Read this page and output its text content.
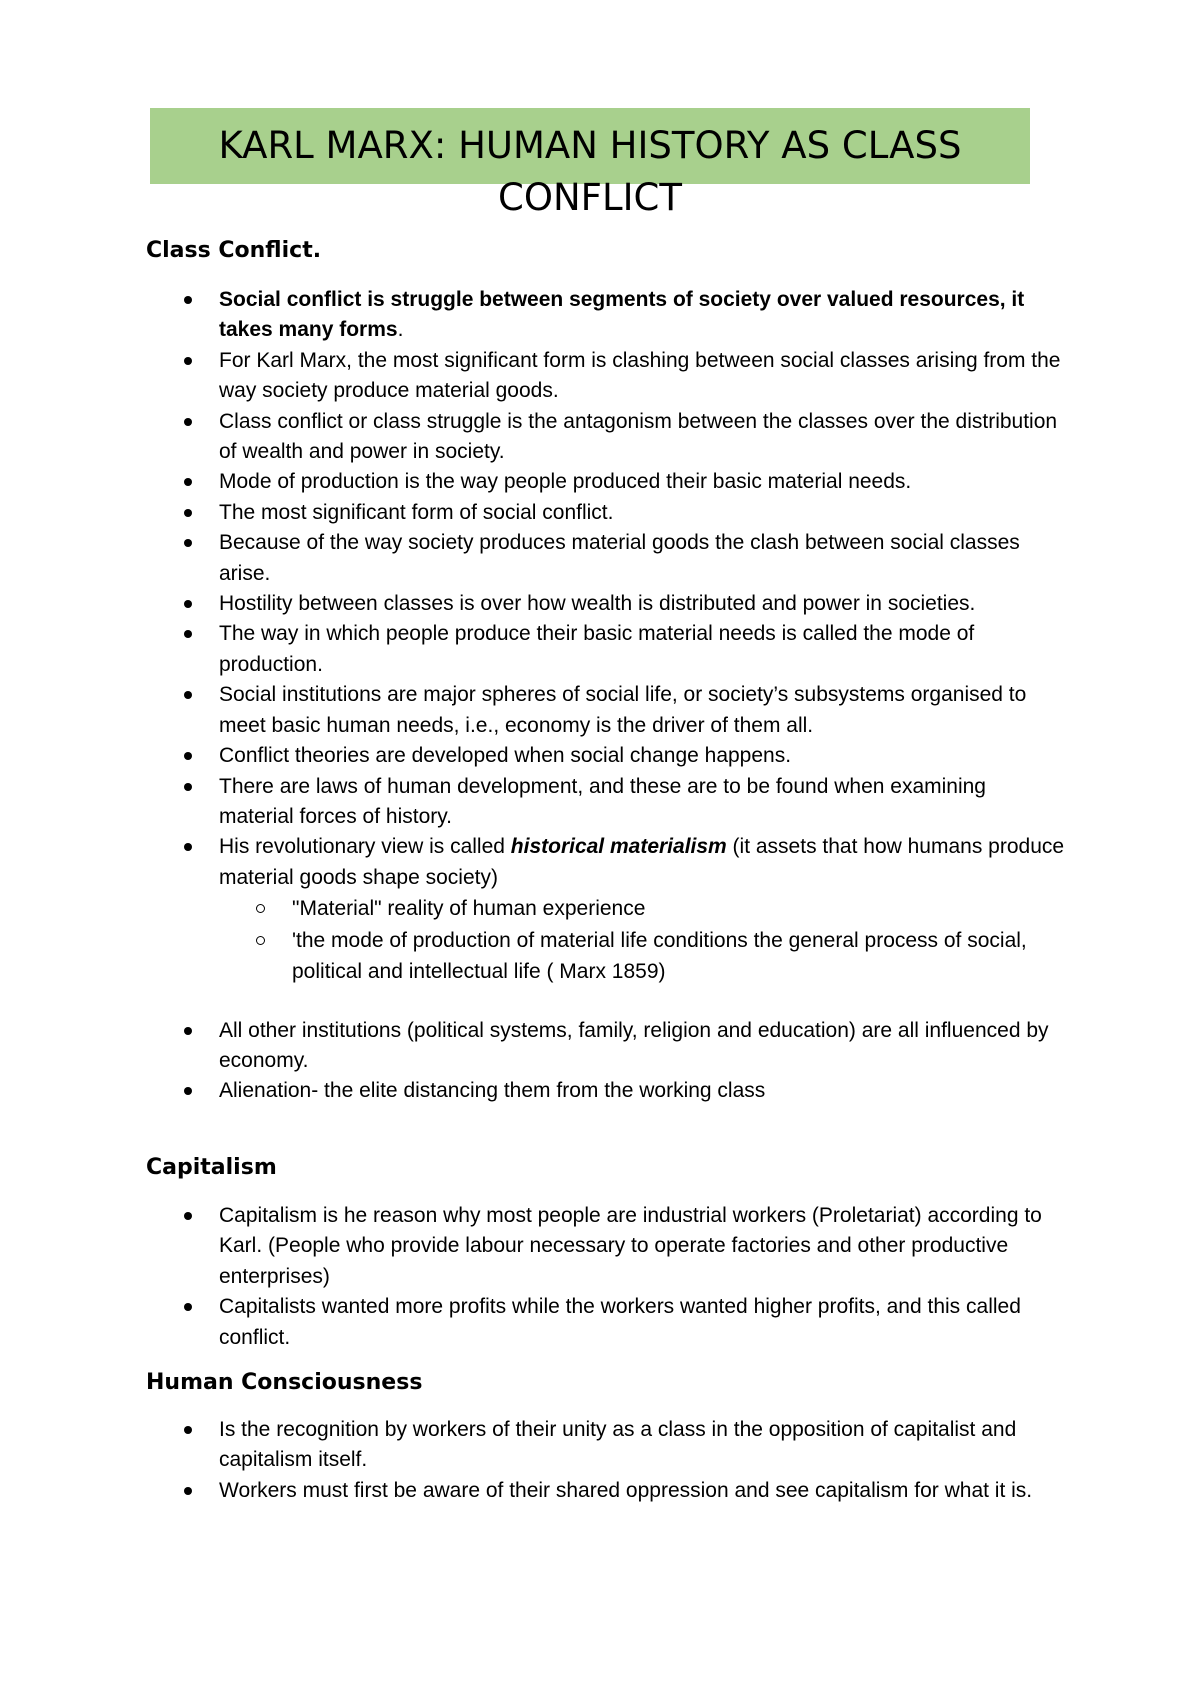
KARL MARX: HUMAN HISTORY AS CLASS CONFLICT
Class Conflict.
Social conflict is struggle between segments of society over valued resources, it takes many forms.
For Karl Marx, the most significant form is clashing between social classes arising from the way society produce material goods.
Class conflict or class struggle is the antagonism between the classes over the distribution of wealth and power in society.
Mode of production is the way people produced their basic material needs.
The most significant form of social conflict.
Because of the way society produces material goods the clash between social classes arise.
Hostility between classes is over how wealth is distributed and power in societies.
The way in which people produce their basic material needs is called the mode of production.
Social institutions are major spheres of social life, or society’s subsystems organised to meet basic human needs, i.e., economy is the driver of them all.
Conflict theories are developed when social change happens.
There are laws of human development, and these are to be found when examining material forces of history.
His revolutionary view is called historical materialism (it assets that how humans produce material goods shape society)
"Material" reality of human experience
'the mode of production of material life conditions the general process of social, political and intellectual life ( Marx 1859)
All other institutions (political systems, family, religion and education) are all influenced by economy.
Alienation- the elite distancing them from the working class
Capitalism
Capitalism is he reason why most people are industrial workers (Proletariat) according to Karl. (People who provide labour necessary to operate factories and other productive enterprises)
Capitalists wanted more profits while the workers wanted higher profits, and this called conflict.
Human Consciousness
Is the recognition by workers of their unity as a class in the opposition of capitalist and capitalism itself.
Workers must first be aware of their shared oppression and see capitalism for what it is.
